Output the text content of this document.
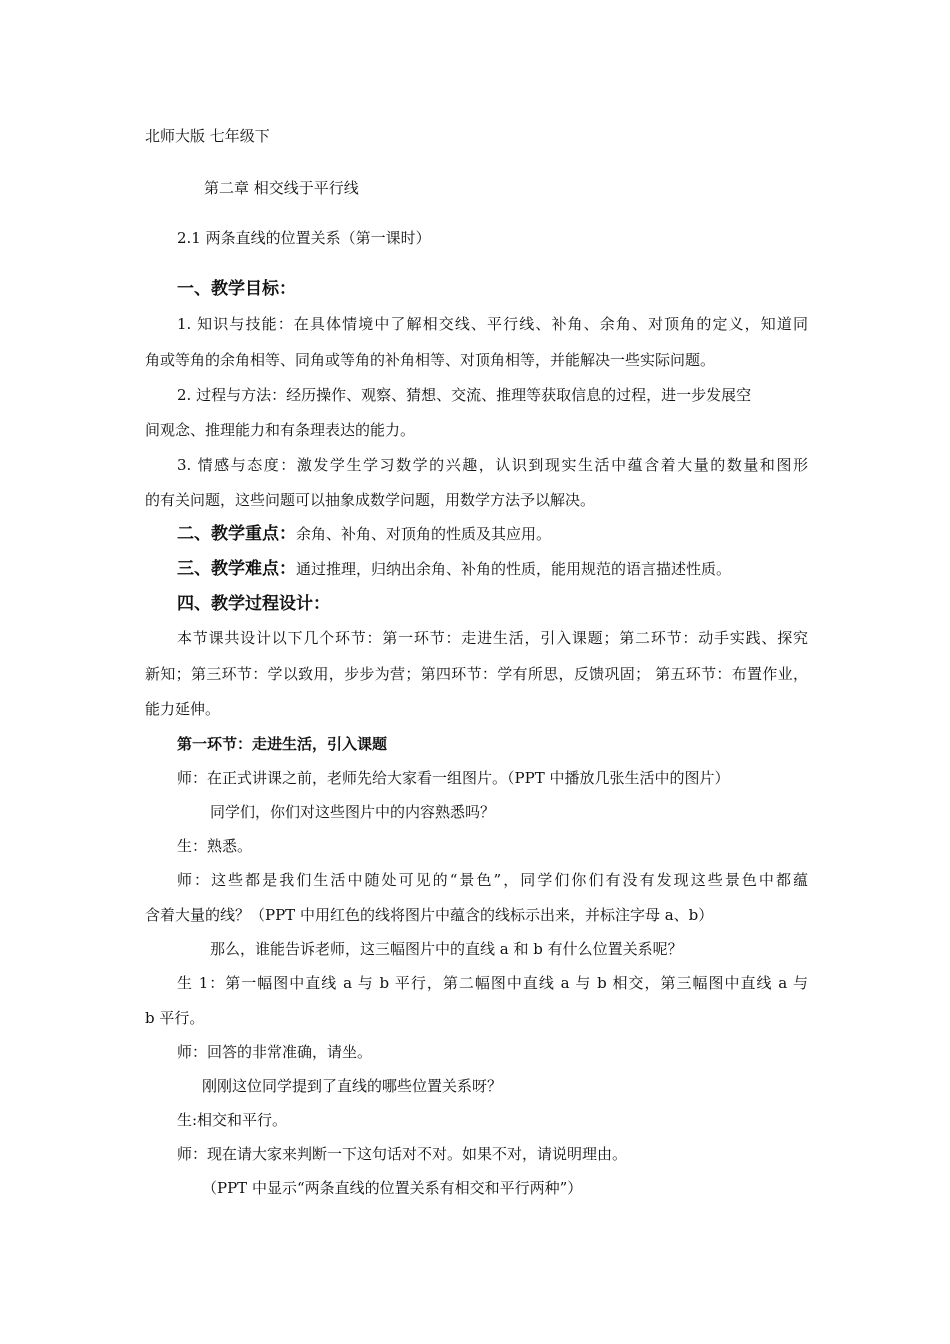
北师大版 七年级下
第二章 相交线于平行线
2.1 两条直线的位置关系（第一课时）
一、教学目标：
1. 知识与技能：在具体情境中了解相交线、平行线、补角、余角、对顶角的定义，知道同
角或等角的余角相等、同角或等角的补角相等、对顶角相等，并能解决一些实际问题。
2. 过程与方法：经历操作、观察、猜想、交流、推理等获取信息的过程，进一步发展空
间观念、推理能力和有条理表达的能力。
3. 情感与态度：激发学生学习数学的兴趣，认识到现实生活中蕴含着大量的数量和图形
的有关问题，这些问题可以抽象成数学问题，用数学方法予以解决。
二、教学重点：余角、补角、对顶角的性质及其应用。
三、教学难点：通过推理，归纳出余角、补角的性质，能用规范的语言描述性质。
四、教学过程设计：
本节课共设计以下几个环节：第一环节：走进生活，引入课题；第二环节：动手实践、探究
新知；第三环节：学以致用，步步为营；第四环节：学有所思，反馈巩固； 第五环节：布置作业，
能力延伸。
第一环节：走进生活，引入课题
师：在正式讲课之前，老师先给大家看一组图片。（PPT 中播放几张生活中的图片）
同学们，你们对这些图片中的内容熟悉吗？
生：熟悉。
师：这些都是我们生活中随处可见的“景色”，同学们你们有没有发现这些景色中都蕴
含着大量的线？（PPT 中用红色的线将图片中蕴含的线标示出来，并标注字母 a、b）
那么，谁能告诉老师，这三幅图片中的直线 a 和 b 有什么位置关系呢？
生 1：第一幅图中直线 a 与 b 平行，第二幅图中直线 a 与 b 相交，第三幅图中直线 a 与
b 平行。
师：回答的非常准确，请坐。
刚刚这位同学提到了直线的哪些位置关系呀？
生:相交和平行。
师：现在请大家来判断一下这句话对不对。如果不对，请说明理由。
（PPT 中显示“两条直线的位置关系有相交和平行两种”）
